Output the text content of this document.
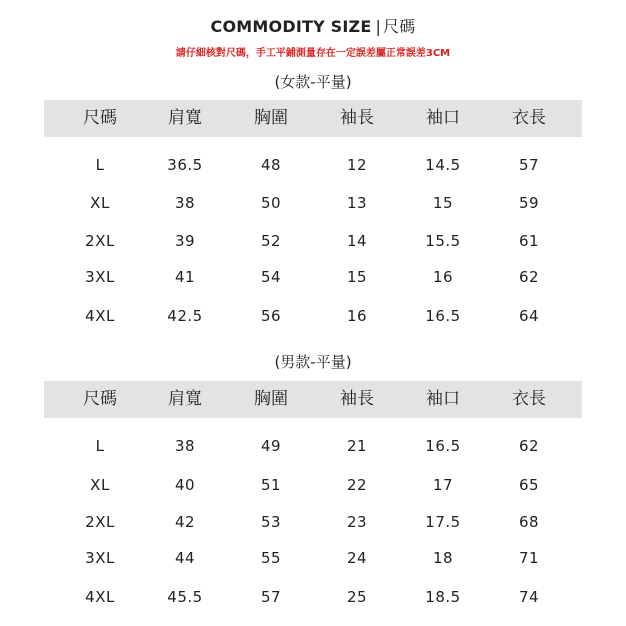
COMMODITY SIZE | 尺碼
請仔細核對尺碼，手工平鋪測量存在一定誤差屬正常誤差3CM
(女款-平量)
尺碼	肩寬	胸圍	袖長	袖口	衣長
L	36.5	48	12	14.5	57
XL	38	50	13	15	59
2XL	39	52	14	15.5	61
3XL	41	54	15	16	62
4XL	42.5	56	16	16.5	64
(男款-平量)
尺碼	肩寬	胸圍	袖長	袖口	衣長
L	38	49	21	16.5	62
XL	40	51	22	17	65
2XL	42	53	23	17.5	68
3XL	44	55	24	18	71
4XL	45.5	57	25	18.5	74
